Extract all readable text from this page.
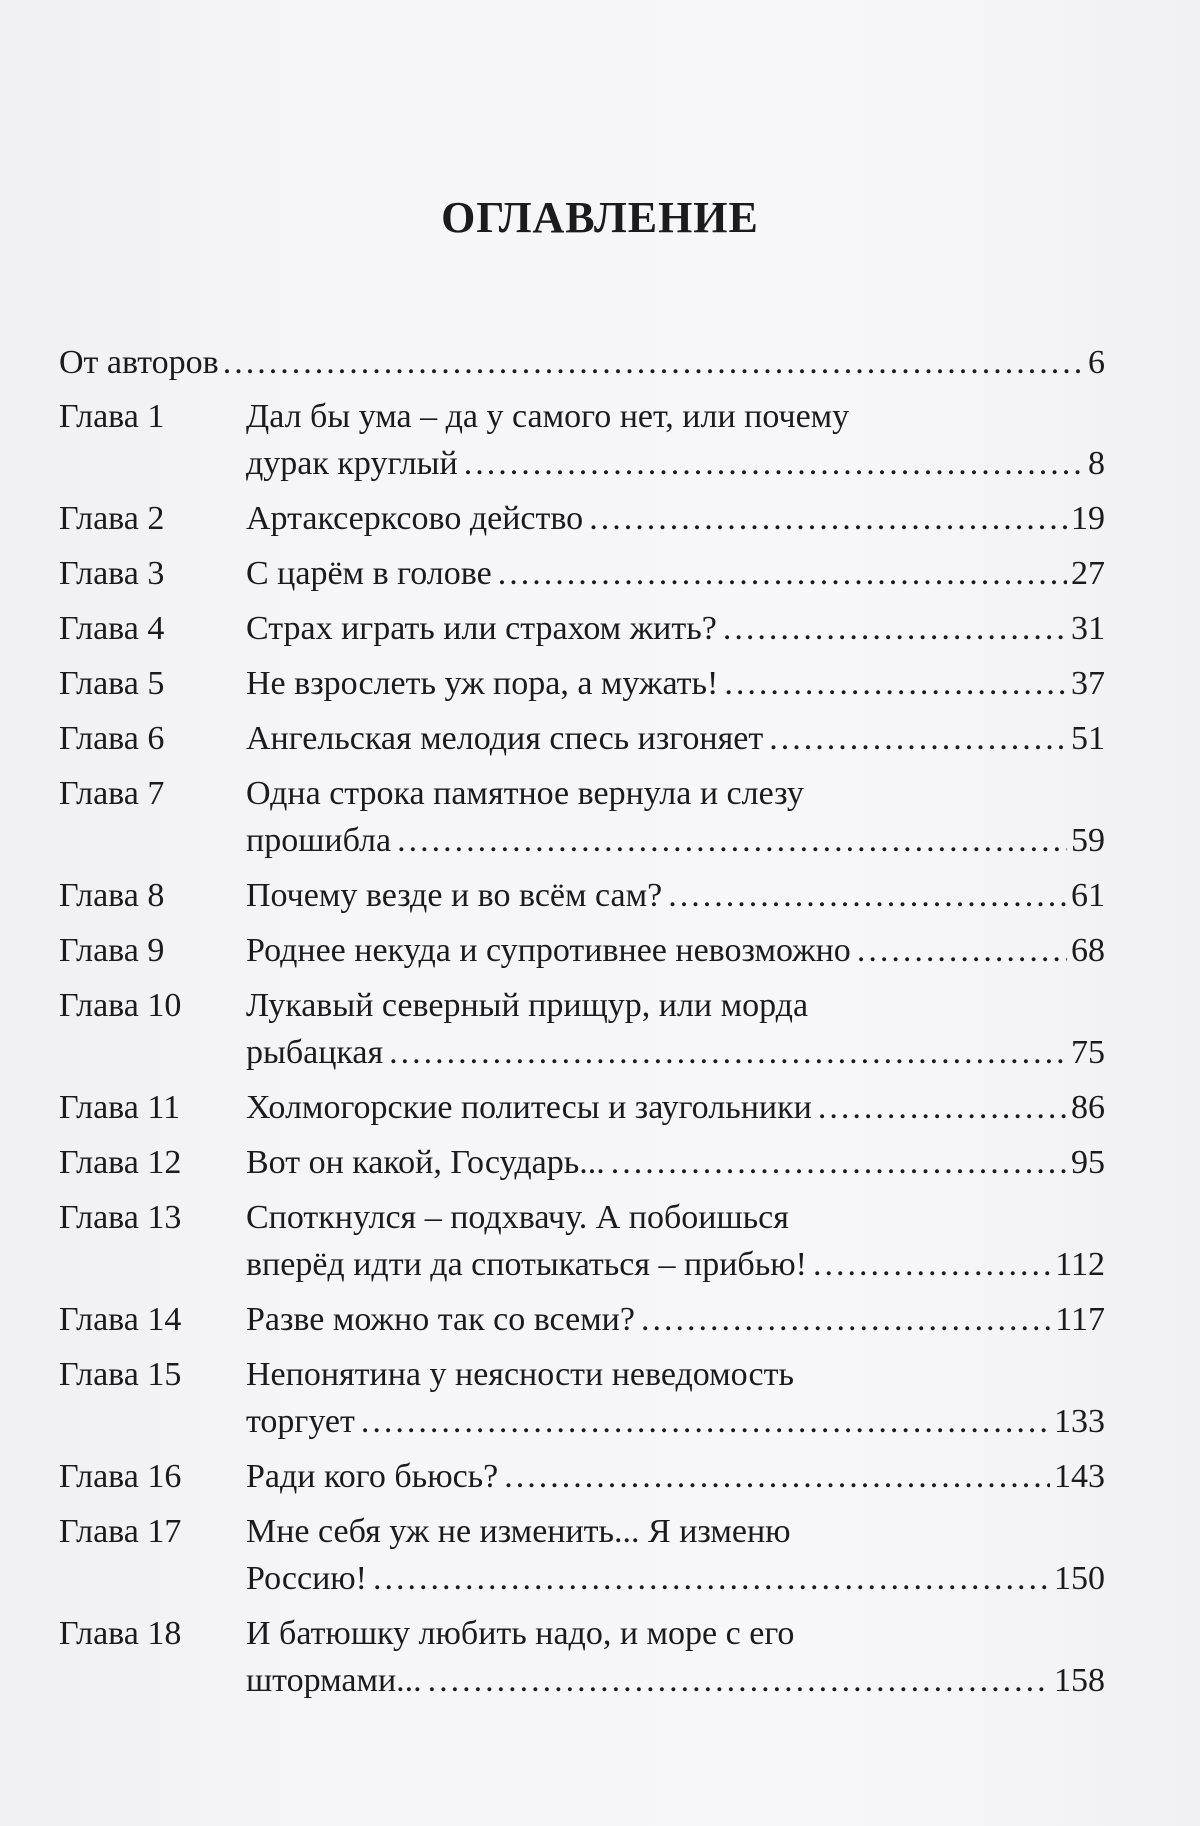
ОГЛАВЛЕНИЕ
От авторов .....	6
Глава 1	Дал бы ума – да у самого нет, или почему
дурак круглый .....	8
Глава 2	Артаксерксово действо .....	19
Глава 3	С царём в голове .....	27
Глава 4	Страх играть или страхом жить? .....	31
Глава 5	Не взрослеть уж пора, а мужать! .....	37
Глава 6	Ангельская мелодия спесь изгоняет .....	51
Глава 7	Одна строка памятное вернула и слезу
прошибла .....	59
Глава 8	Почему везде и во всём сам? .....	61
Глава 9	Роднее некуда и супротивнее невозможно .....	68
Глава 10	Лукавый северный прищур, или морда
рыбацкая .....	75
Глава 11	Холмогорские политесы и заугольники .....	86
Глава 12	Вот он какой, Государь... .....	95
Глава 13	Споткнулся – подхвачу. А побоишься
вперёд идти да спотыкаться – прибью! .....	112
Глава 14	Разве можно так со всеми? .....	117
Глава 15	Непонятина у неясности неведомость
торгует .....	133
Глава 16	Ради кого бьюсь? .....	143
Глава 17	Мне себя уж не изменить... Я изменю
Россию! .....	150
Глава 18	И батюшку любить надо, и море с его
штормами... .....	158
